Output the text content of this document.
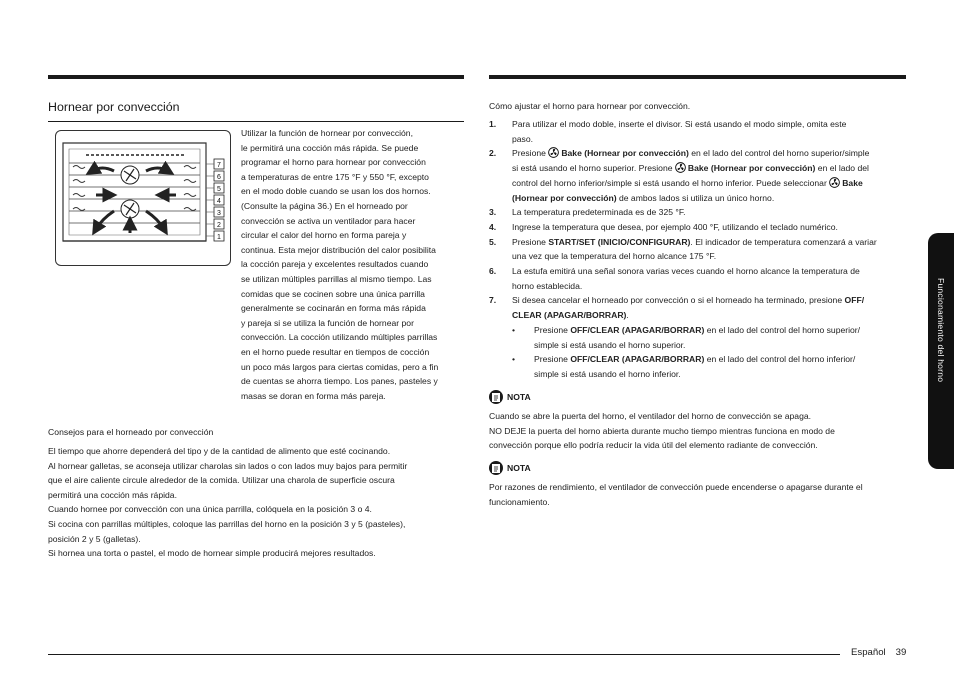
Hornear por convección
7
6
5
4
3
2
1
Utilizar la función de hornear por convección,
le permitirá una cocción más rápida. Se puede
programar el horno para hornear por convección
a temperaturas de entre 175 °F y 550 °F, excepto
en el modo doble cuando se usan los dos hornos.
(Consulte la página 36.) En el horneado por
convección se activa un ventilador para hacer
circular el calor del horno en forma pareja y
continua. Esta mejor distribución del calor posibilita
la cocción pareja y excelentes resultados cuando
se utilizan múltiples parrillas al mismo tiempo. Las
comidas que se cocinen sobre una única parrilla
generalmente se cocinarán en forma más rápida
y pareja si se utiliza la función de hornear por
convección. La cocción utilizando múltiples parrillas
en el horno puede resultar en tiempos de cocción
un poco más largos para ciertas comidas, pero a fin
de cuentas se ahorra tiempo. Los panes, pasteles y
masas se doran en forma más pareja.
Consejos para el horneado por convección
El tiempo que ahorre dependerá del tipo y de la cantidad de alimento que esté cocinando.
Al hornear galletas, se aconseja utilizar charolas sin lados o con lados muy bajos para permitir
que el aire caliente circule alrededor de la comida. Utilizar una charola de superficie oscura
permitirá una cocción más rápida.
Cuando hornee por convección con una única parrilla, colóquela en la posición 3 o 4.
Si cocina con parrillas múltiples, coloque las parrillas del horno en la posición 3 y 5 (pasteles),
posición 2 y 5 (galletas).
Si hornea una torta o pastel, el modo de hornear simple producirá mejores resultados.
Cómo ajustar el horno para hornear por convección.
1. Para utilizar el modo doble, inserte el divisor. Si está usando el modo simple, omita este
paso.
2. Presione Bake (Hornear por convección) en el lado del control del horno superior/simple
si está usando el horno superior. Presione Bake (Hornear por convección) en el lado del
control del horno inferior/simple si está usando el horno inferior. Puede seleccionar Bake
(Hornear por convección) de ambos lados si utiliza un único horno.
3. La temperatura predeterminada es de 325 °F.
4. Ingrese la temperatura que desea, por ejemplo 400 °F, utilizando el teclado numérico.
5. Presione START/SET (INICIO/CONFIGURAR). El indicador de temperatura comenzará a variar
una vez que la temperatura del horno alcance 175 °F.
6. La estufa emitirá una señal sonora varias veces cuando el horno alcance la temperatura de
horno establecida.
7. Si desea cancelar el horneado por convección o si el horneado ha terminado, presione OFF/
CLEAR (APAGAR/BORRAR).
• Presione OFF/CLEAR (APAGAR/BORRAR) en el lado del control del horno superior/
simple si está usando el horno superior.
• Presione OFF/CLEAR (APAGAR/BORRAR) en el lado del control del horno inferior/
simple si está usando el horno inferior.
NOTA
Cuando se abre la puerta del horno, el ventilador del horno de convección se apaga.
NO DEJE la puerta del horno abierta durante mucho tiempo mientras funciona en modo de
convección porque ello podría reducir la vida útil del elemento radiante de convección.
NOTA
Por razones de rendimiento, el ventilador de convección puede encenderse o apagarse durante el
funcionamiento.
Funcionamiento del horno
Español 39
